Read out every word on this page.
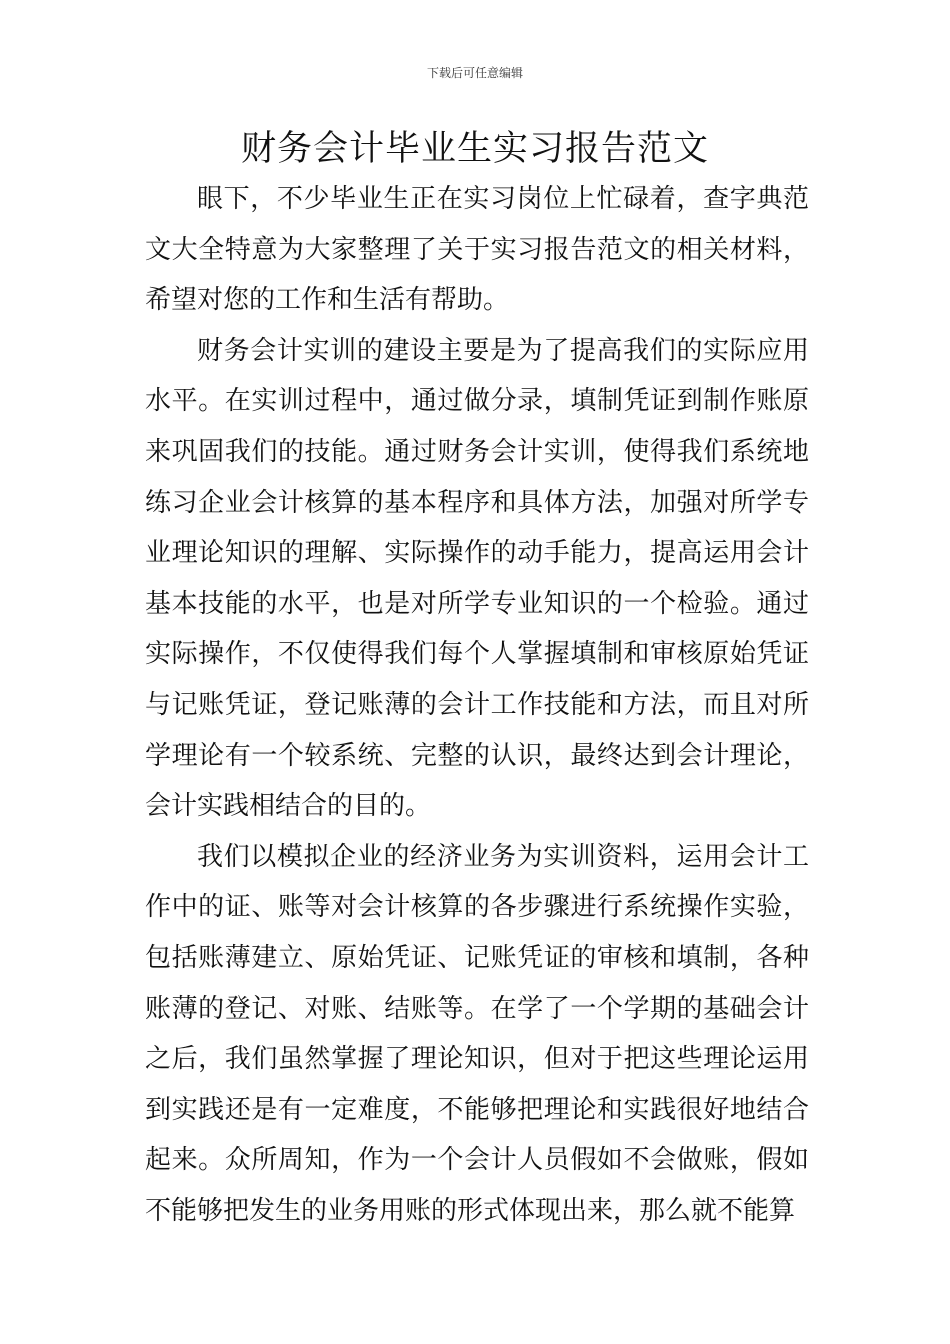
下载后可任意编辑
财务会计毕业生实习报告范文

眼下，不少毕业生正在实习岗位上忙碌着，查字典范文大全特意为大家整理了关于实习报告范文的相关材料，希望对您的工作和生活有帮助。

财务会计实训的建设主要是为了提高我们的实际应用水平。在实训过程中，通过做分录，填制凭证到制作账原来巩固我们的技能。通过财务会计实训，使得我们系统地练习企业会计核算的基本程序和具体方法，加强对所学专业理论知识的理解、实际操作的动手能力，提高运用会计基本技能的水平，也是对所学专业知识的一个检验。通过实际操作，不仅使得我们每个人掌握填制和审核原始凭证与记账凭证，登记账薄的会计工作技能和方法，而且对所学理论有一个较系统、完整的认识，最终达到会计理论，会计实践相结合的目的。

我们以模拟企业的经济业务为实训资料，运用会计工作中的证、账等对会计核算的各步骤进行系统操作实验，包括账薄建立、原始凭证、记账凭证的审核和填制，各种账薄的登记、对账、结账等。在学了一个学期的基础会计之后，我们虽然掌握了理论知识，但对于把这些理论运用到实践还是有一定难度，不能够把理论和实践很好地结合起来。众所周知，作为一个会计人员假如不会做账，假如不能够把发生的业务用账的形式体现出来，那么就不能算
